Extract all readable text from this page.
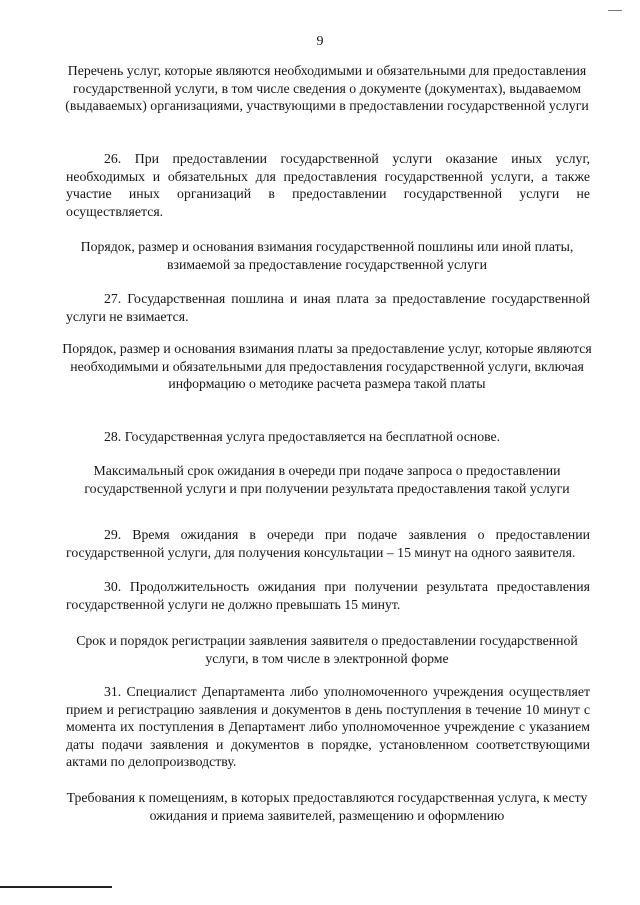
9
Перечень услуг, которые являются необходимыми и обязательными для предоставления государственной услуги, в том числе сведения о документе (документах), выдаваемом (выдаваемых) организациями, участвующими в предоставлении государственной услуги
26. При предоставлении государственной услуги оказание иных услуг, необходимых и обязательных для предоставления государственной услуги, а также участие иных организаций в предоставлении государственной услуги не осуществляется.
Порядок, размер и основания взимания государственной пошлины или иной платы, взимаемой за предоставление государственной услуги
27. Государственная пошлина и иная плата за предоставление государственной услуги не взимается.
Порядок, размер и основания взимания платы за предоставление услуг, которые являются необходимыми и обязательными для предоставления государственной услуги, включая информацию о методике расчета размера такой платы
28. Государственная услуга предоставляется на бесплатной основе.
Максимальный срок ожидания в очереди при подаче запроса о предоставлении государственной услуги и при получении результата предоставления такой услуги
29. Время ожидания в очереди при подаче заявления о предоставлении государственной услуги, для получения консультации – 15 минут на одного заявителя.
30. Продолжительность ожидания при получении результата предоставления государственной услуги не должно превышать 15 минут.
Срок и порядок регистрации заявления заявителя о предоставлении государственной услуги, в том числе в электронной форме
31. Специалист Департамента либо уполномоченного учреждения осуществляет прием и регистрацию заявления и документов в день поступления в течение 10 минут с момента их поступления в Департамент либо уполномоченное учреждение с указанием даты подачи заявления и документов в порядке, установленном соответствующими актами по делопроизводству.
Требования к помещениям, в которых предоставляются государственная услуга, к месту ожидания и приема заявителей, размещению и оформлению
